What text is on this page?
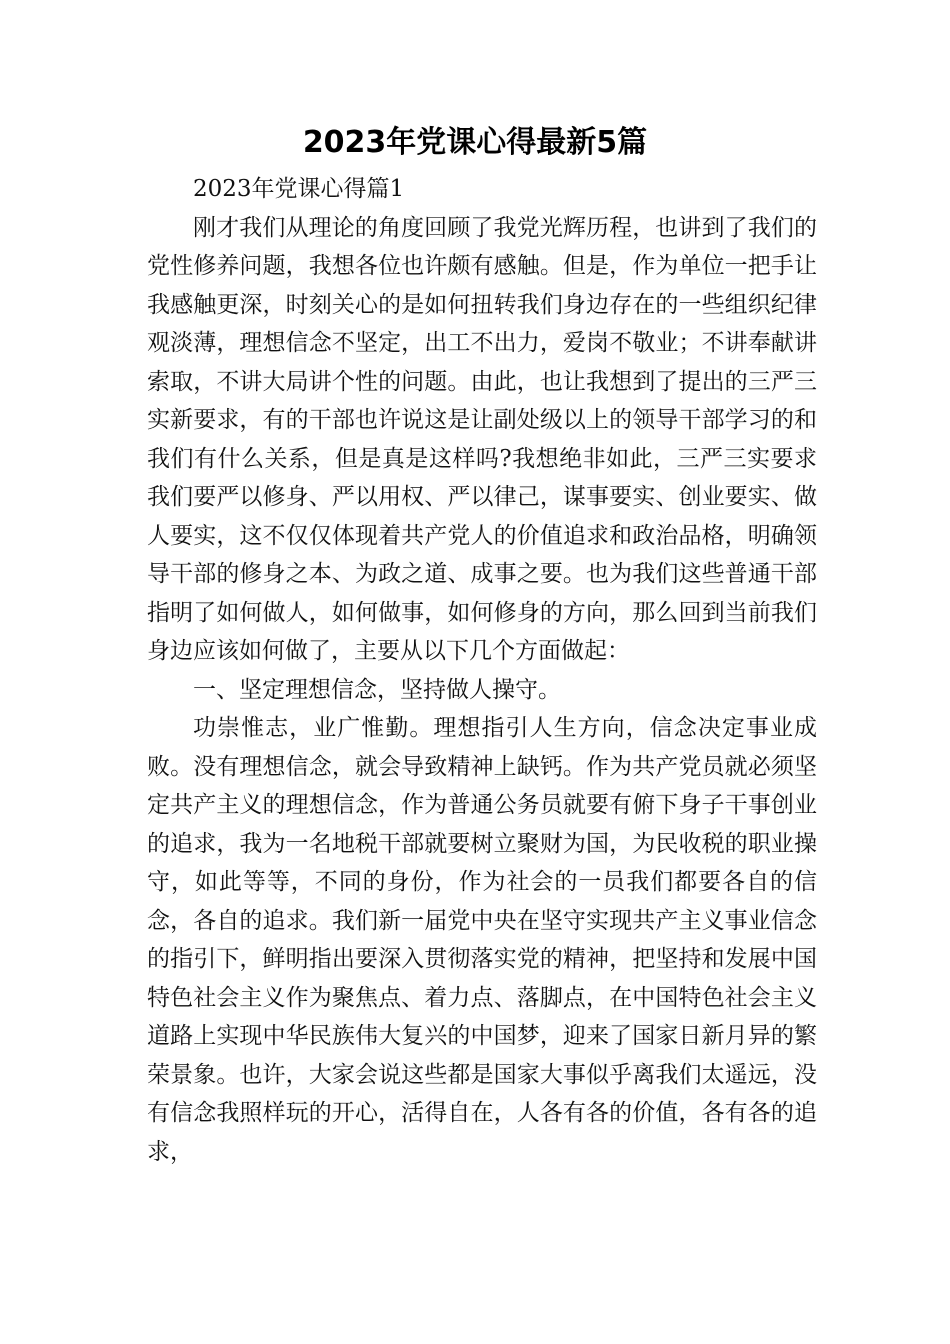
2023年党课心得最新5篇

2023年党课心得篇1

刚才我们从理论的角度回顾了我党光辉历程，也讲到了我们的党性修养问题，我想各位也许颇有感触。但是，作为单位一把手让我感触更深，时刻关心的是如何扭转我们身边存在的一些组织纪律观淡薄，理想信念不坚定，出工不出力，爱岗不敬业；不讲奉献讲索取，不讲大局讲个性的问题。由此，也让我想到了提出的三严三实新要求，有的干部也许说这是让副处级以上的领导干部学习的和我们有什么关系，但是真是这样吗?我想绝非如此，三严三实要求我们要严以修身、严以用权、严以律己，谋事要实、创业要实、做人要实，这不仅仅体现着共产党人的价值追求和政治品格，明确领导干部的修身之本、为政之道、成事之要。也为我们这些普通干部指明了如何做人，如何做事，如何修身的方向，那么回到当前我们身边应该如何做了，主要从以下几个方面做起：

一、坚定理想信念，坚持做人操守。

功崇惟志，业广惟勤。理想指引人生方向，信念决定事业成败。没有理想信念，就会导致精神上缺钙。作为共产党员就必须坚定共产主义的理想信念，作为普通公务员就要有俯下身子干事创业的追求，我为一名地税干部就要树立聚财为国，为民收税的职业操守，如此等等，不同的身份，作为社会的一员我们都要各自的信念，各自的追求。我们新一届党中央在坚守实现共产主义事业信念的指引下，鲜明指出要深入贯彻落实党的精神，把坚持和发展中国特色社会主义作为聚焦点、着力点、落脚点，在中国特色社会主义道路上实现中华民族伟大复兴的中国梦，迎来了国家日新月异的繁荣景象。也许，大家会说这些都是国家大事似乎离我们太遥远，没有信念我照样玩的开心，活得自在，人各有各的价值，各有各的追求，
